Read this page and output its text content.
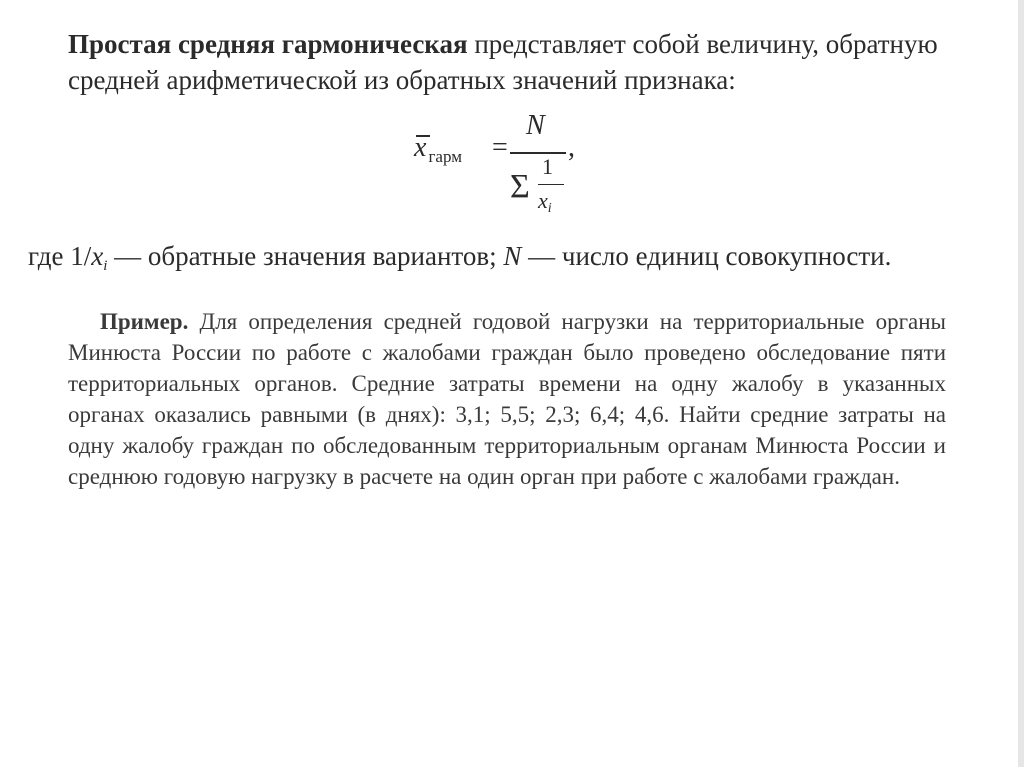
Простая средняя гармоническая представляет собой величину, обратную средней арифметической из обратных значений признака:

x $_{гарм}$ =
N
,
Σ
1
xi
где 1/xi — обратные значения вариантов; N — число единиц совокупности.

Пример. Для определения средней годовой нагрузки на территориальные органы Минюста России по работе с жалобами граждан было проведено обследование пяти территориальных органов. Средние затраты времени на одну жалобу в указанных органах оказались равными (в днях): 3,1; 5,5; 2,3; 6,4; 4,6. Найти средние затраты на одну жалобу граждан по обследованным территориальным органам Минюста России и среднюю годовую нагрузку в расчете на один орган при работе с жалобами граждан.
